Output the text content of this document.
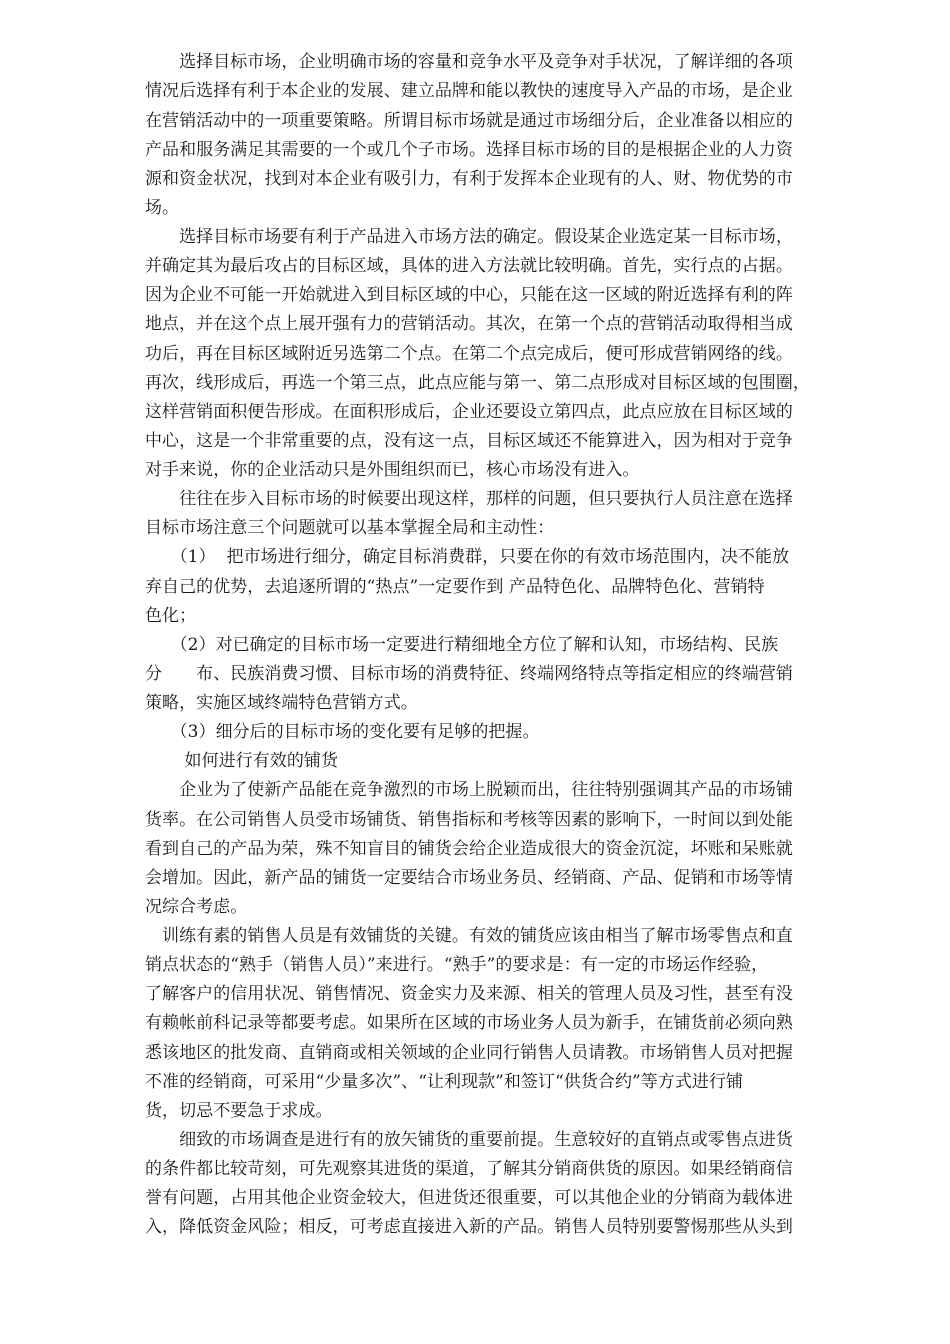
　　选择目标市场，企业明确市场的容量和竞争水平及竞争对手状况，了解详细的各项
情况后选择有利于本企业的发展、建立品牌和能以教快的速度导入产品的市场，是企业
在营销活动中的一项重要策略。所谓目标市场就是通过市场细分后，企业准备以相应的
产品和服务满足其需要的一个或几个子市场。选择目标市场的目的是根据企业的人力资
源和资金状况，找到对本企业有吸引力，有利于发挥本企业现有的人、财、物优势的市
场。
　　选择目标市场要有利于产品进入市场方法的确定。假设某企业选定某一目标市场，
并确定其为最后攻占的目标区域，具体的进入方法就比较明确。首先，实行点的占据。
因为企业不可能一开始就进入到目标区域的中心，只能在这一区域的附近选择有利的阵
地点，并在这个点上展开强有力的营销活动。其次，在第一个点的营销活动取得相当成
功后，再在目标区域附近另选第二个点。在第二个点完成后，便可形成营销网络的线。
再次，线形成后，再选一个第三点，此点应能与第一、第二点形成对目标区域的包围圈，
这样营销面积便告形成。在面积形成后，企业还要设立第四点，此点应放在目标区域的
中心，这是一个非常重要的点，没有这一点，目标区域还不能算进入，因为相对于竞争
对手来说，你的企业活动只是外围组织而已，核心市场没有进入。
　　往往在步入目标市场的时候要出现这样，那样的问题，但只要执行人员注意在选择
目标市场注意三个问题就可以基本掌握全局和主动性：
　　（1）  把市场进行细分，确定目标消费群，只要在你的有效市场范围内，决不能放
弃自己的优势，去追逐所谓的“热点”一定要作到 产品特色化、品牌特色化、营销特
色化；
　　（2）对已确定的目标市场一定要进行精细地全方位了解和认知，市场结构、民族
分　　布、民族消费习惯、目标市场的消费特征、终端网络特点等指定相应的终端营销
策略，实施区域终端特色营销方式。
　　（3）细分后的目标市场的变化要有足够的把握。
　　 如何进行有效的铺货
　　企业为了使新产品能在竞争激烈的市场上脱颖而出，往往特别强调其产品的市场铺
货率。在公司销售人员受市场铺货、销售指标和考核等因素的影响下，一时间以到处能
看到自己的产品为荣，殊不知盲目的铺货会给企业造成很大的资金沉淀，坏账和呆账就
会增加。因此，新产品的铺货一定要结合市场业务员、经销商、产品、促销和市场等情
况综合考虑。
　训练有素的销售人员是有效铺货的关键。有效的铺货应该由相当了解市场零售点和直
销点状态的“熟手（销售人员）”来进行。“熟手”的要求是：有一定的市场运作经验，
了解客户的信用状况、销售情况、资金实力及来源、相关的管理人员及习性，甚至有没
有赖帐前科记录等都要考虑。如果所在区域的市场业务人员为新手，在铺货前必须向熟
悉该地区的批发商、直销商或相关领域的企业同行销售人员请教。市场销售人员对把握
不准的经销商，可采用“少量多次”、“让利现款”和签订“供货合约”等方式进行铺
货，切忌不要急于求成。
　　细致的市场调查是进行有的放矢铺货的重要前提。生意较好的直销点或零售点进货
的条件都比较苛刻，可先观察其进货的渠道，了解其分销商供货的原因。如果经销商信
誉有问题，占用其他企业资金较大，但进货还很重要，可以其他企业的分销商为载体进
入，降低资金风险；相反，可考虑直接进入新的产品。销售人员特别要警惕那些从头到
